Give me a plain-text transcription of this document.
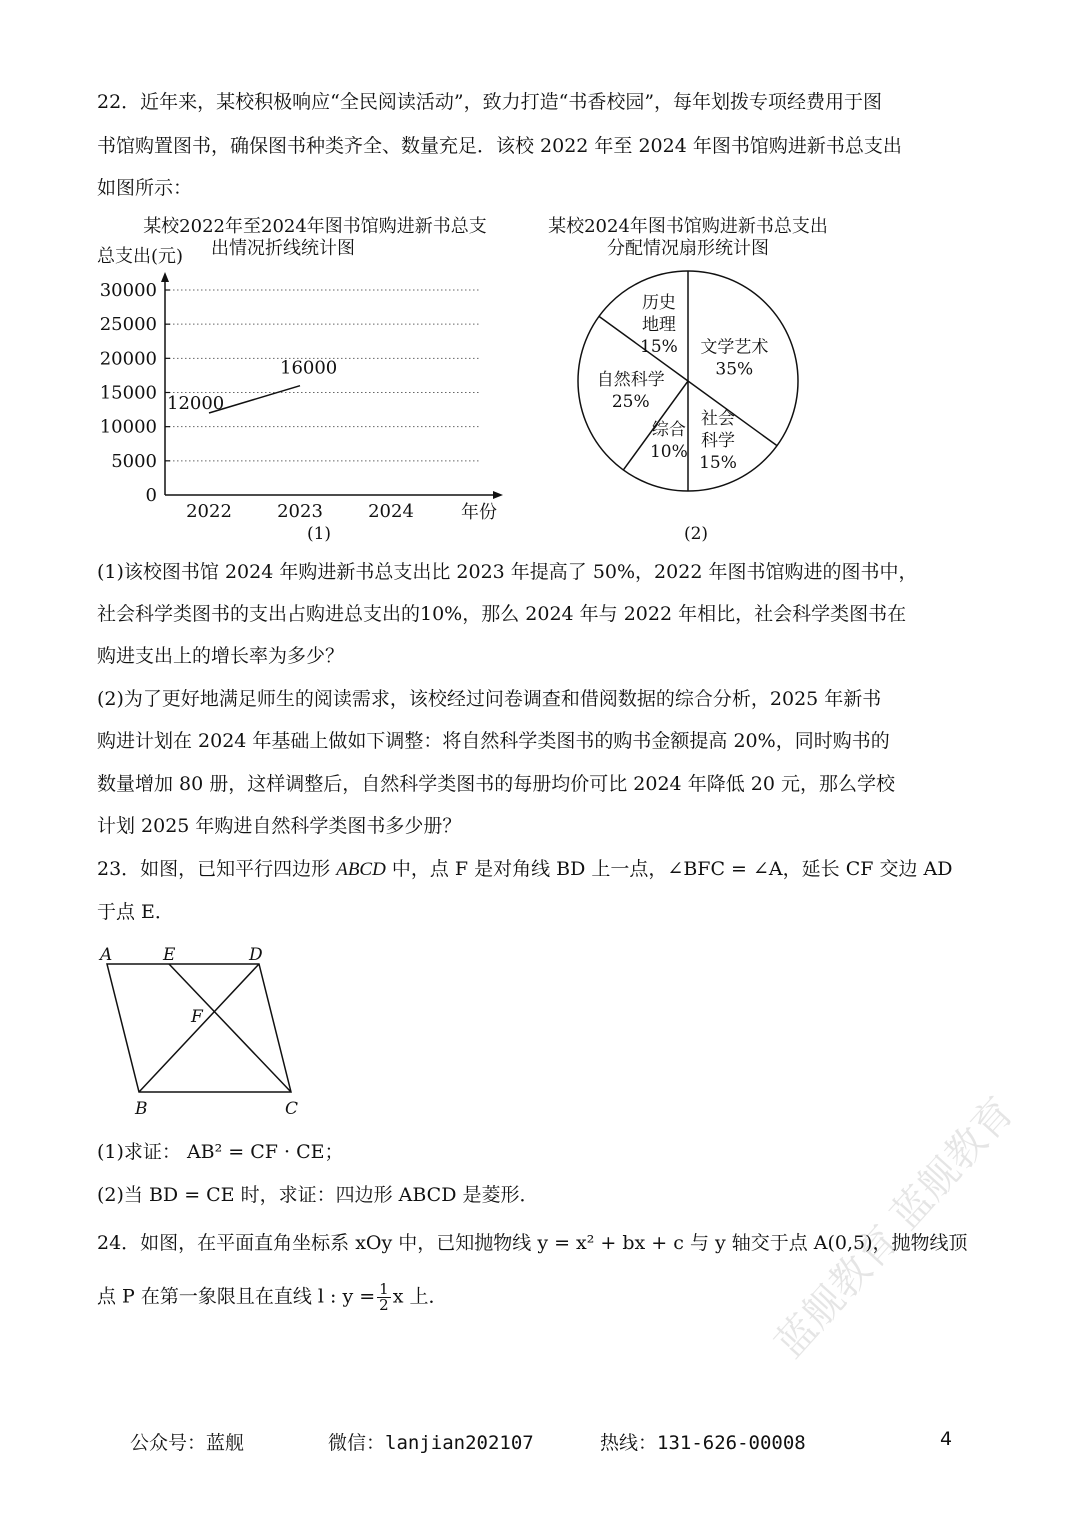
22．近年来，某校积极响应“全民阅读活动”，致力打造“书香校园”，每年划拨专项经费用于图
书馆购置图书，确保图书种类齐全、数量充足．该校 2022 年至 2024 年图书馆购进新书总支出
如图所示：
某校2022年至2024年图书馆购进新书总支
总支出(元) 出情况折线统计图
30000
25000
20000
15000
10000
5000
0
2022	2023	2024	年份
12000
16000
(1)
某校2024年图书馆购进新书总支出
分配情况扇形统计图
文学艺术
35%
社会
科学
15%
综合
10%
自然科学
25%
历史
地理
15%
(2)
(1)该校图书馆 2024 年购进新书总支出比 2023 年提高了 50%，2022 年图书馆购进的图书中，
社会科学类图书的支出占购进总支出的10%，那么 2024 年与 2022 年相比，社会科学类图书在
购进支出上的增长率为多少？
(2)为了更好地满足师生的阅读需求，该校经过问卷调查和借阅数据的综合分析，2025 年新书
购进计划在 2024 年基础上做如下调整：将自然科学类图书的购书金额提高 20%，同时购书的
数量增加 80 册，这样调整后，自然科学类图书的每册均价可比 2024 年降低 20 元，那么学校
计划 2025 年购进自然科学类图书多少册？
23．如图，已知平行四边形 ABCD 中，点 F 是对角线 BD 上一点，∠BFC = ∠A，延长 CF 交边 AD
于点 E．
A	E	D
F
B	C
(1)求证： AB² = CF · CE；
(2)当 BD = CE 时，求证：四边形 ABCD 是菱形．
24．如图，在平面直角坐标系 xOy 中，已知抛物线 y = x² + bx + c 与 y 轴交于点 A(0,5)，抛物线顶
点 P 在第一象限且在直线 l : $y = \frac{1}{2}$ x 上．	蓝舰教育 蓝舰教育
公众号：蓝舰	微信：lanjian202107	热线：131-626-00008	4
